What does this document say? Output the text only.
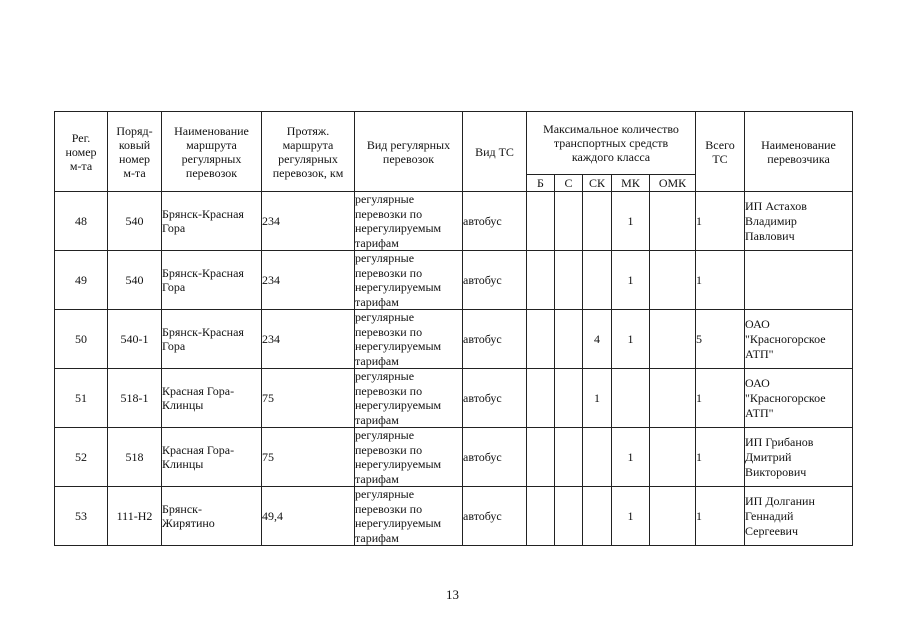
Рег.
номер
м-та	Поряд-
ковый
номер
м-та	Наименование
маршрута
регулярных
перевозок	Протяж.
маршрута
регулярных
перевозок, км	Вид регулярных
перевозок	Вид ТС	Максимальное количество
транспортных средств
каждого класса					Всего
ТС	Наименование
перевозчика
						Б	С	СК	МК	ОМК		
48	540	Брянск-Красная
Гора	234	регулярные
перевозки по
нерегулируемым
тарифам	автобус				1		1	ИП Астахов
Владимир
Павлович
49	540	Брянск-Красная
Гора	234	регулярные
перевозки по
нерегулируемым
тарифам	автобус				1		1	
50	540-1	Брянск-Красная
Гора	234	регулярные
перевозки по
нерегулируемым
тарифам	автобус			4	1		5	ОАО
"Красногорское
АТП"
51	518-1	Красная Гора-
Клинцы	75	регулярные
перевозки по
нерегулируемым
тарифам	автобус			1			1	ОАО
"Красногорское
АТП"
52	518	Красная Гора-
Клинцы	75	регулярные
перевозки по
нерегулируемым
тарифам	автобус				1		1	ИП Грибанов
Дмитрий
Викторович
53	111-Н2	Брянск-
Жирятино	49,4	регулярные
перевозки по
нерегулируемым
тарифам	автобус				1		1	ИП Долганин
Геннадий
Сергеевич
13
